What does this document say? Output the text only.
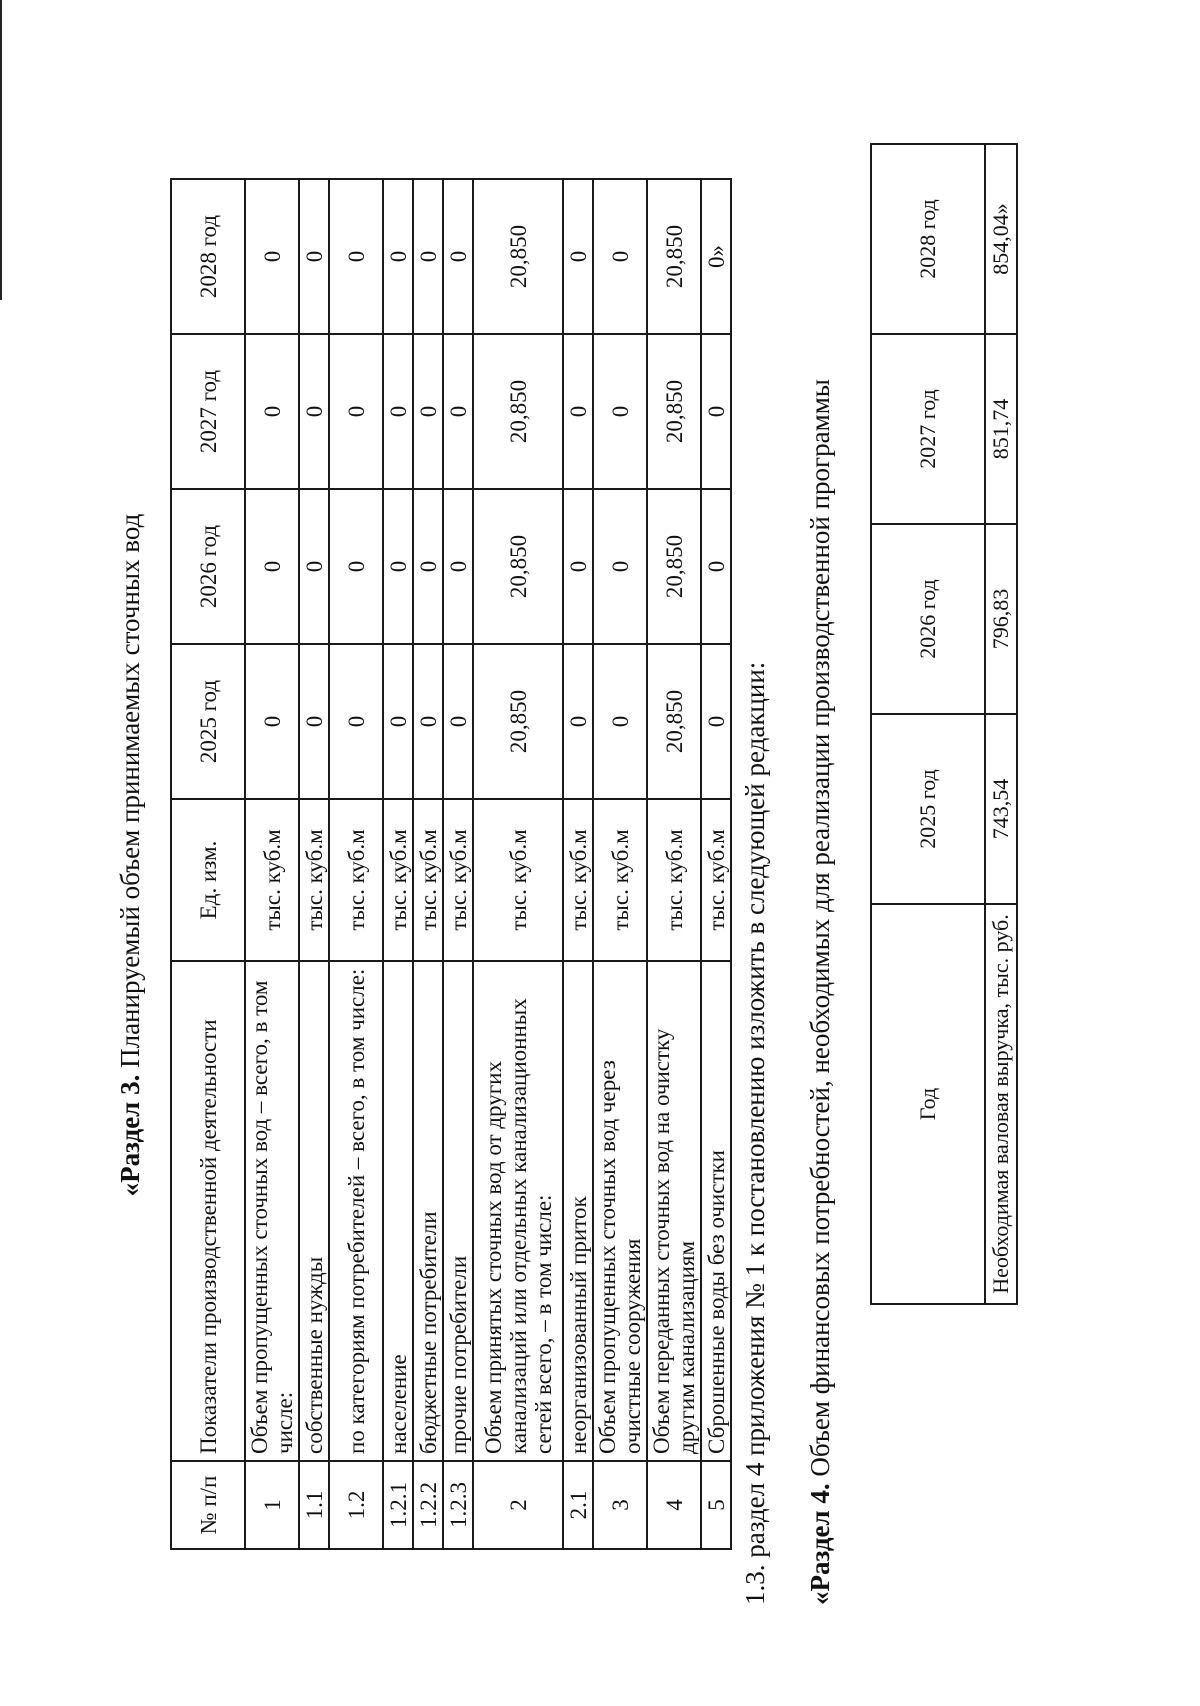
«Раздел 3. Планируемый объем принимаемых сточных вод
№ п/п	Показатели производственной деятельности	Ед. изм.	2025 год	2026 год	2027 год	2028 год
1	Объем пропущенных сточных вод – всего, в том числе:	тыс. куб.м	0	0	0	0
1.1	собственные нужды	тыс. куб.м	0	0	0	0
1.2	по категориям потребителей – всего, в том числе:	тыс. куб.м	0	0	0	0
1.2.1	население	тыс. куб.м	0	0	0	0
1.2.2	бюджетные потребители	тыс. куб.м	0	0	0	0
1.2.3	прочие потребители	тыс. куб.м	0	0	0	0
2	Объем принятых сточных вод от других канализаций или отдельных канализационных сетей всего, – в том числе:	тыс. куб.м	20,850	20,850	20,850	20,850
2.1	неорганизованный приток	тыс. куб.м	0	0	0	0
3	Объем пропущенных сточных вод через очистные сооружения	тыс. куб.м	0	0	0	0
4	Объем переданных сточных вод на очистку другим канализациям	тыс. куб.м	20,850	20,850	20,850	20,850
5	Сброшенные воды без очистки	тыс. куб.м	0	0	0	0»
1.3. раздел 4 приложения № 1 к постановлению изложить в следующей редакции: «Раздел 4. Объем финансовых потребностей, необходимых для реализации производственной программы	Год	2025 год	2026 год	2027 год	2028 год
Необходимая валовая выручка, тыс. руб.	743,54	796,83	851,74	854,04»
